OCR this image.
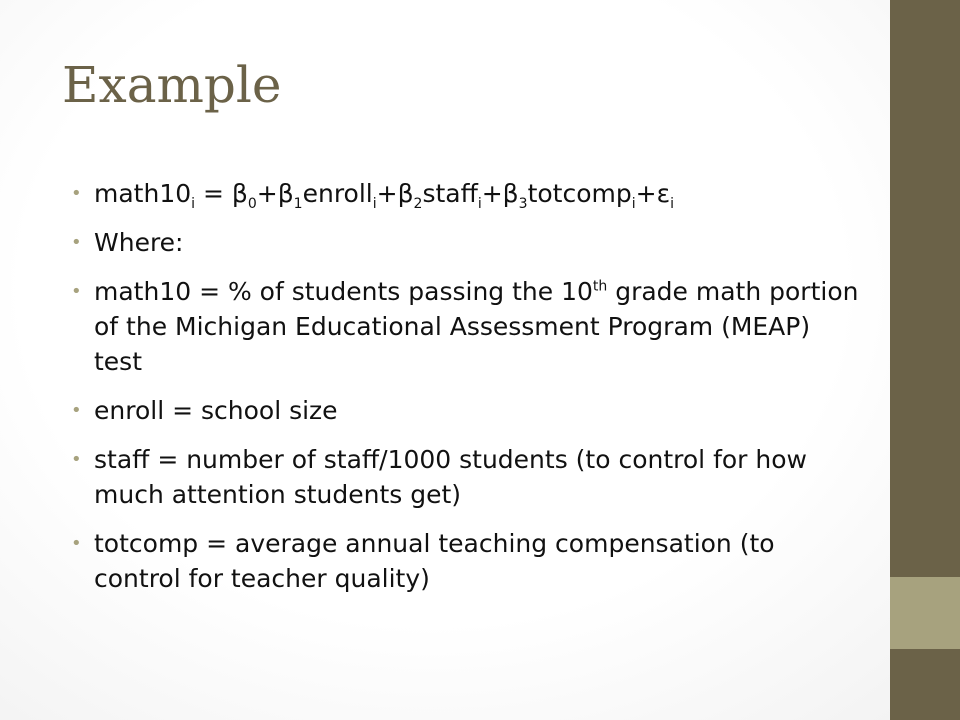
Example
• $math10_i$ = $\beta_0+\beta_1enroll_i+\beta_2staff_i+\beta_3totcomp_i+\varepsilon_i$
• Where:
• math10 = % of students passing the 10th grade math portion of the Michigan Educational Assessment Program (MEAP) test
• enroll = school size
• staff = number of staff/1000 students (to control for how much attention students get)
• totcomp = average annual teaching compensation (to control for teacher quality)
